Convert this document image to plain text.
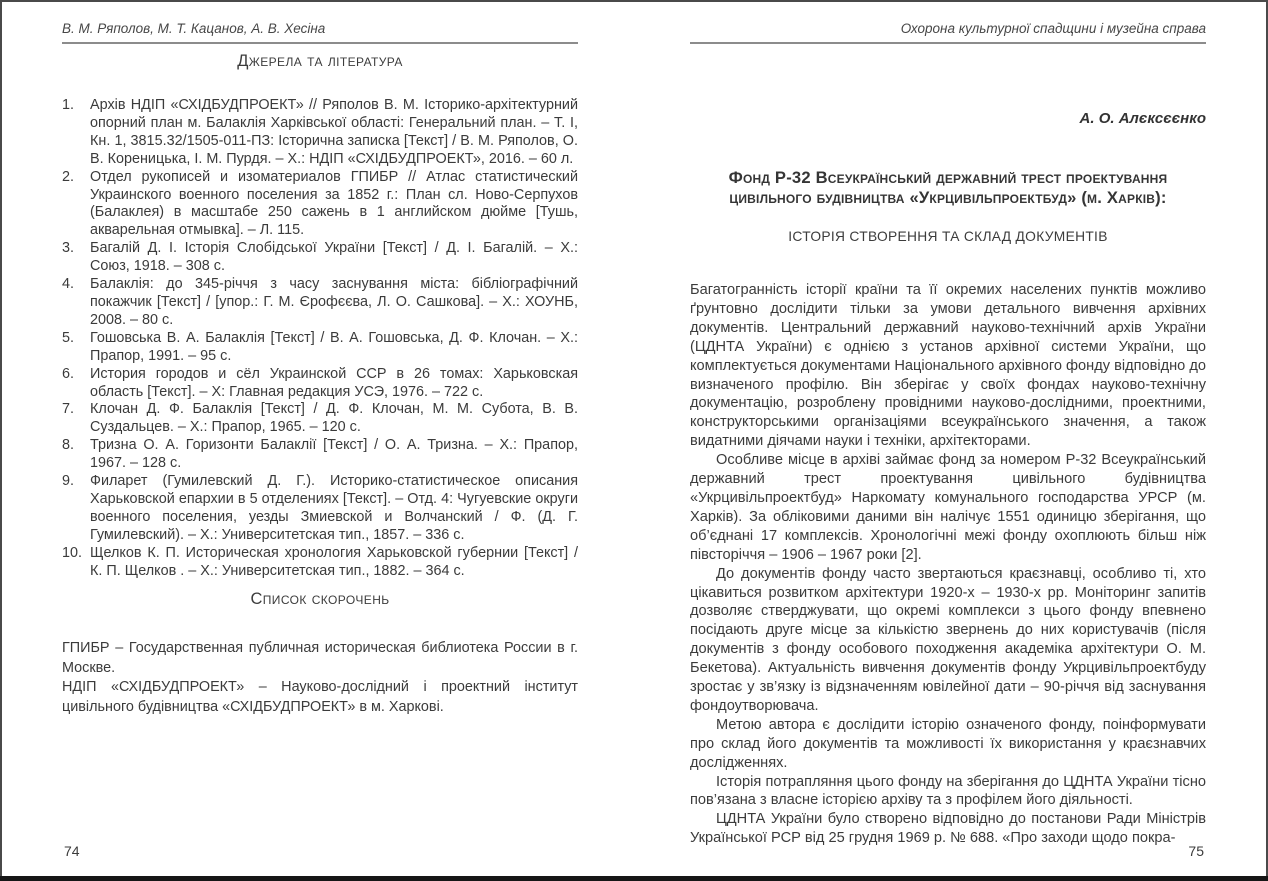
В. М. Ряполов, М. Т. Кацанов, А. В. Хесіна
Джерела та література
1. Архів НДІП «СХІДБУДПРОЕКТ» // Ряполов В. М. Історико-архітектурний опорний план м. Балаклія Харківської області: Генеральний план. – Т. І, Кн. 1, 3815.32/1505-011-ПЗ: Історична записка [Текст] / В. М. Ряполов, О. В. Кореницька, І. М. Пурдя. – Х.: НДІП «СХІДБУДПРОЕКТ», 2016. – 60 л.
2. Отдел рукописей и изоматериалов ГПИБР // Атлас статистический Украинского военного поселения за 1852 г.: План сл. Ново-Серпухов (Балаклея) в масштабе 250 сажень в 1 английском дюйме [Тушь, акварельная отмывка]. – Л. 115.
3. Багалій Д. І. Історія Слобідської України [Текст] / Д. І. Багалій. – Х.: Союз, 1918. – 308 с.
4. Балаклія: до 345-річчя з часу заснування міста: бібліографічний покажчик [Текст] / [упор.: Г. М. Єрофєєва, Л. О. Сашкова]. – Х.: ХОУНБ, 2008. – 80 с.
5. Гошовська В. А. Балаклія [Текст] / В. А. Гошовська, Д. Ф. Клочан. – Х.: Прапор, 1991. – 95 с.
6. История городов и сёл Украинской ССР в 26 томах: Харьковская область [Текст]. – Х: Главная редакция УСЭ, 1976. – 722 с.
7. Клочан Д. Ф. Балаклія [Текст] / Д. Ф. Клочан, М. М. Субота, В. В. Суздальцев. – Х.: Прапор, 1965. – 120 с.
8. Тризна О. А. Горизонти Балаклії [Текст] / О. А. Тризна. – Х.: Прапор, 1967. – 128 с.
9. Филарет (Гумилевский Д. Г.). Историко-статистическое описания Харьковской епархии в 5 отделениях [Текст]. – Отд. 4: Чугуевские округи военного поселения, уезды Змиевской и Волчанский / Ф. (Д. Г. Гумилевский). – Х.: Университетская тип., 1857. – 336 с.
10. Щелков К. П. Историческая хронология Харьковской губернии [Текст] / К. П. Щелков . – Х.: Университетская тип., 1882. – 364 с.
Список скорочень

ГПИБР – Государственная публичная историческая библиотека России в г. Москве.

НДІП «СХІДБУДПРОЕКТ» – Науково-дослідний і проектний інститут цивільного будівництва «СХІДБУДПРОЕКТ» в м. Харкові.

74
Охорона культурної спадщини і музейна справа
А. О. Алєксєєнко
Фонд Р-32 Всеукраїнський державний трест проектування цивільного будівництва «Укрцивільпроектбуд» (м. Харків):
ІСТОРІЯ СТВОРЕННЯ ТА СКЛАД ДОКУМЕНТІВ

Багатогранність історії країни та її окремих населених пунктів можливо ґрунтовно дослідити тільки за умови детального вивчення архівних документів. Центральний державний науково-технічний архів України (ЦДНТА України) є однією з установ архівної системи України, що комплектується документами Національного архівного фонду відповідно до визначеного профілю. Він зберігає у своїх фондах науково-технічну документацію, розроблену провідними науково-дослідними, проектними, конструкторськими організаціями всеукраїнського значення, а також видатними діячами науки і техніки, архітекторами.

Особливе місце в архіві займає фонд за номером Р-32 Всеукраїнський державний трест проектування цивільного будівництва «Укрцивільпроектбуд» Наркомату комунального господарства УРСР (м. Харків). За обліковими даними він налічує 1551 одиницю зберігання, що об’єднані 17 комплексів. Хронологічні межі фонду охоплюють більш ніж півсторіччя – 1906 – 1967 роки [2].

До документів фонду часто звертаються краєзнавці, особливо ті, хто цікавиться розвитком архітектури 1920-х – 1930-х рр. Моніторинг запитів дозволяє стверджувати, що окремі комплекси з цього фонду впевнено посідають друге місце за кількістю звернень до них користувачів (після документів з фонду особового походження академіка архітектури О. М. Бекетова). Актуальність вивчення документів фонду Укрцивільпроектбуду зростає у зв’язку із відзначенням ювілейної дати – 90-річчя від заснування фондоутворювача.

Метою автора є дослідити історію означеного фонду, поінформувати про склад його документів та можливості їх використання у краєзнавчих дослідженнях.

Історія потрапляння цього фонду на зберігання до ЦДНТА України тісно пов’язана з власне історією архіву та з профілем його діяльності.

ЦДНТА України було створено відповідно до постанови Ради Міністрів Української РСР від 25 грудня 1969 р. № 688. «Про заходи щодо покра-

75
